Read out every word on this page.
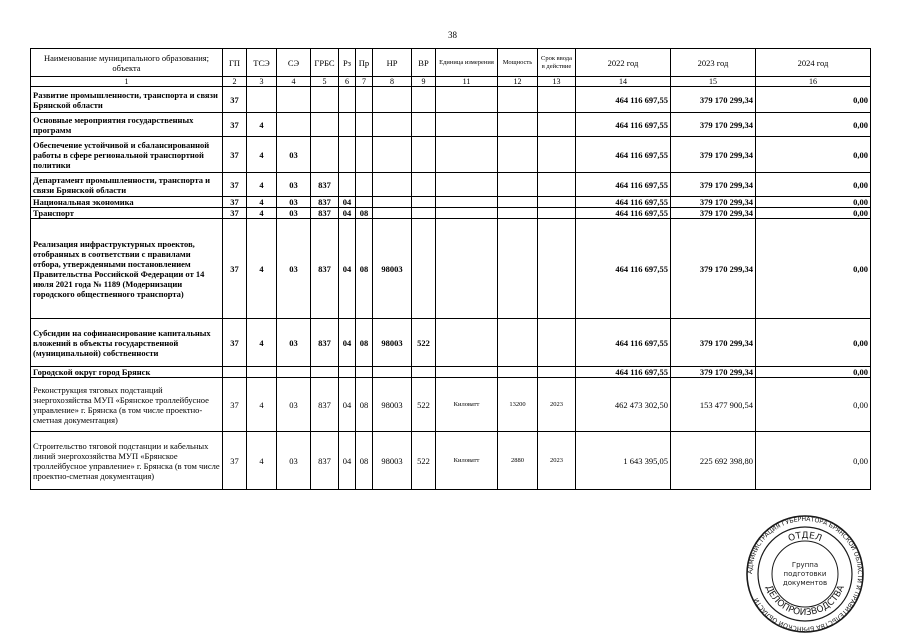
38
Наименование муниципального образования; объекта	ГП	ТСЭ	СЭ	ГРБС	Рз	Пр	НР	ВР	Единица измерения	Мощность	Срок ввода в действие	2022 год	2023 год	2024 год
1	2	3	4	5	6	7	8	9	11	12	13	14	15	16
Развитие промышленности, транспорта и связи Брянской области	37											464 116 697,55	379 170 299,34	0,00
Основные мероприятия государственных программ	37	4										464 116 697,55	379 170 299,34	0,00
Обеспечение устойчивой и сбалансированной работы в сфере региональной транспортной политики	37	4	03									464 116 697,55	379 170 299,34	0,00
Департамент промышленности, транспорта и связи Брянской области	37	4	03	837								464 116 697,55	379 170 299,34	0,00
Национальная экономика	37	4	03	837	04							464 116 697,55	379 170 299,34	0,00
Транспорт	37	4	03	837	04	08						464 116 697,55	379 170 299,34	0,00
Реализация инфраструктурных проектов, отобранных в соответствии с правилами отбора, утвержденными постановлением Правительства Российской Федерации от 14 июля 2021 года № 1189 (Модернизации городского общественного транспорта)	37	4	03	837	04	08	98003					464 116 697,55	379 170 299,34	0,00
Субсидии на софинансирование капитальных вложений в объекты государственной (муниципальной) собственности	37	4	03	837	04	08	98003	522				464 116 697,55	379 170 299,34	0,00
Городской округ город Брянск												464 116 697,55	379 170 299,34	0,00
Реконструкция тяговых подстанций энергохозяйства МУП «Брянское троллейбусное управление» г. Брянска (в том числе проектно-сметная документация)	37	4	03	837	04	08	98003	522	Киловатт	13200	2023	462 473 302,50	153 477 900,54	0,00
Строительство тяговой подстанции и кабельных линий энергохозяйства МУП «Брянское троллейбусное управление» г. Брянска (в том числе проектно-сметная документация)	37	4	03	837	04	08	98003	522	Киловатт	2880	2023	1 643 395,05	225 692 398,80	0,00
АДМИНИСТРАЦИЯ ГУБЕРНАТОРА БРЯНСКОЙ ОБЛАСТИ И ПРАВИТЕЛЬСТВА БРЯНСКОЙ ОБЛАСТИ
ОТДЕЛ
ДЕЛОПРОИЗВОДСТВА
Группа
подготовки
документов
